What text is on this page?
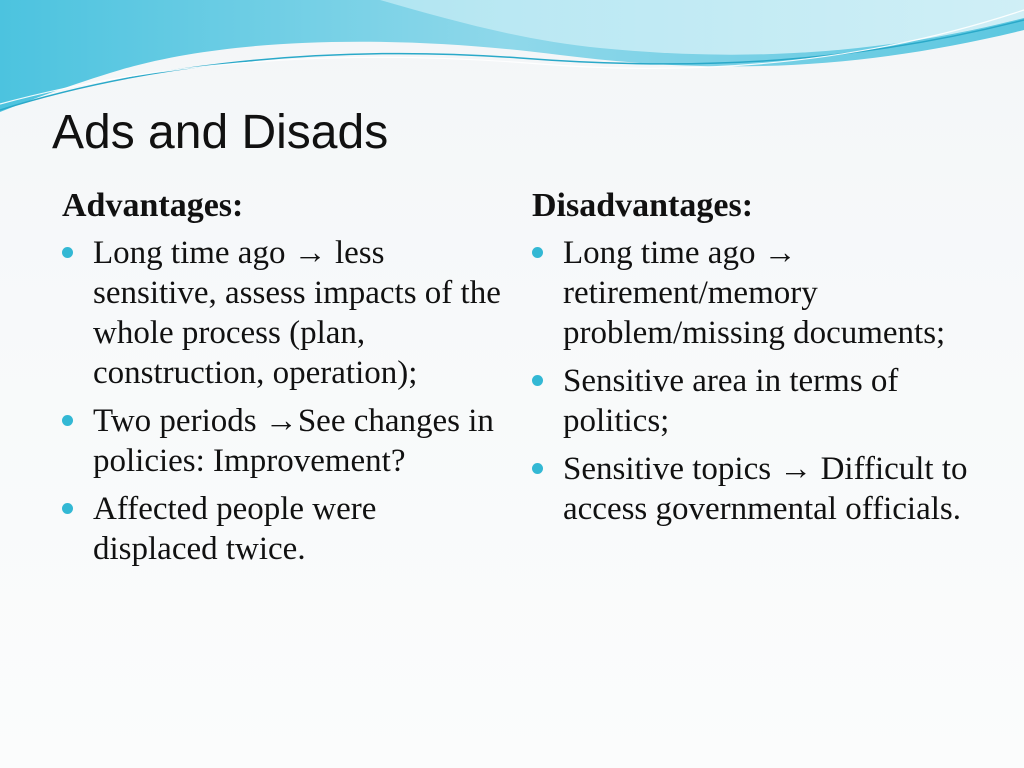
Ads and Disads

Advantages:

Long time ago → less sensitive, assess impacts of the whole process (plan, construction, operation);
Two periods →See changes in policies: Improvement?
Affected people were displaced twice.

Disadvantages:

Long time ago → retirement/memory problem/missing documents;
Sensitive area in terms of politics;
Sensitive topics → Difficult to access governmental officials.
